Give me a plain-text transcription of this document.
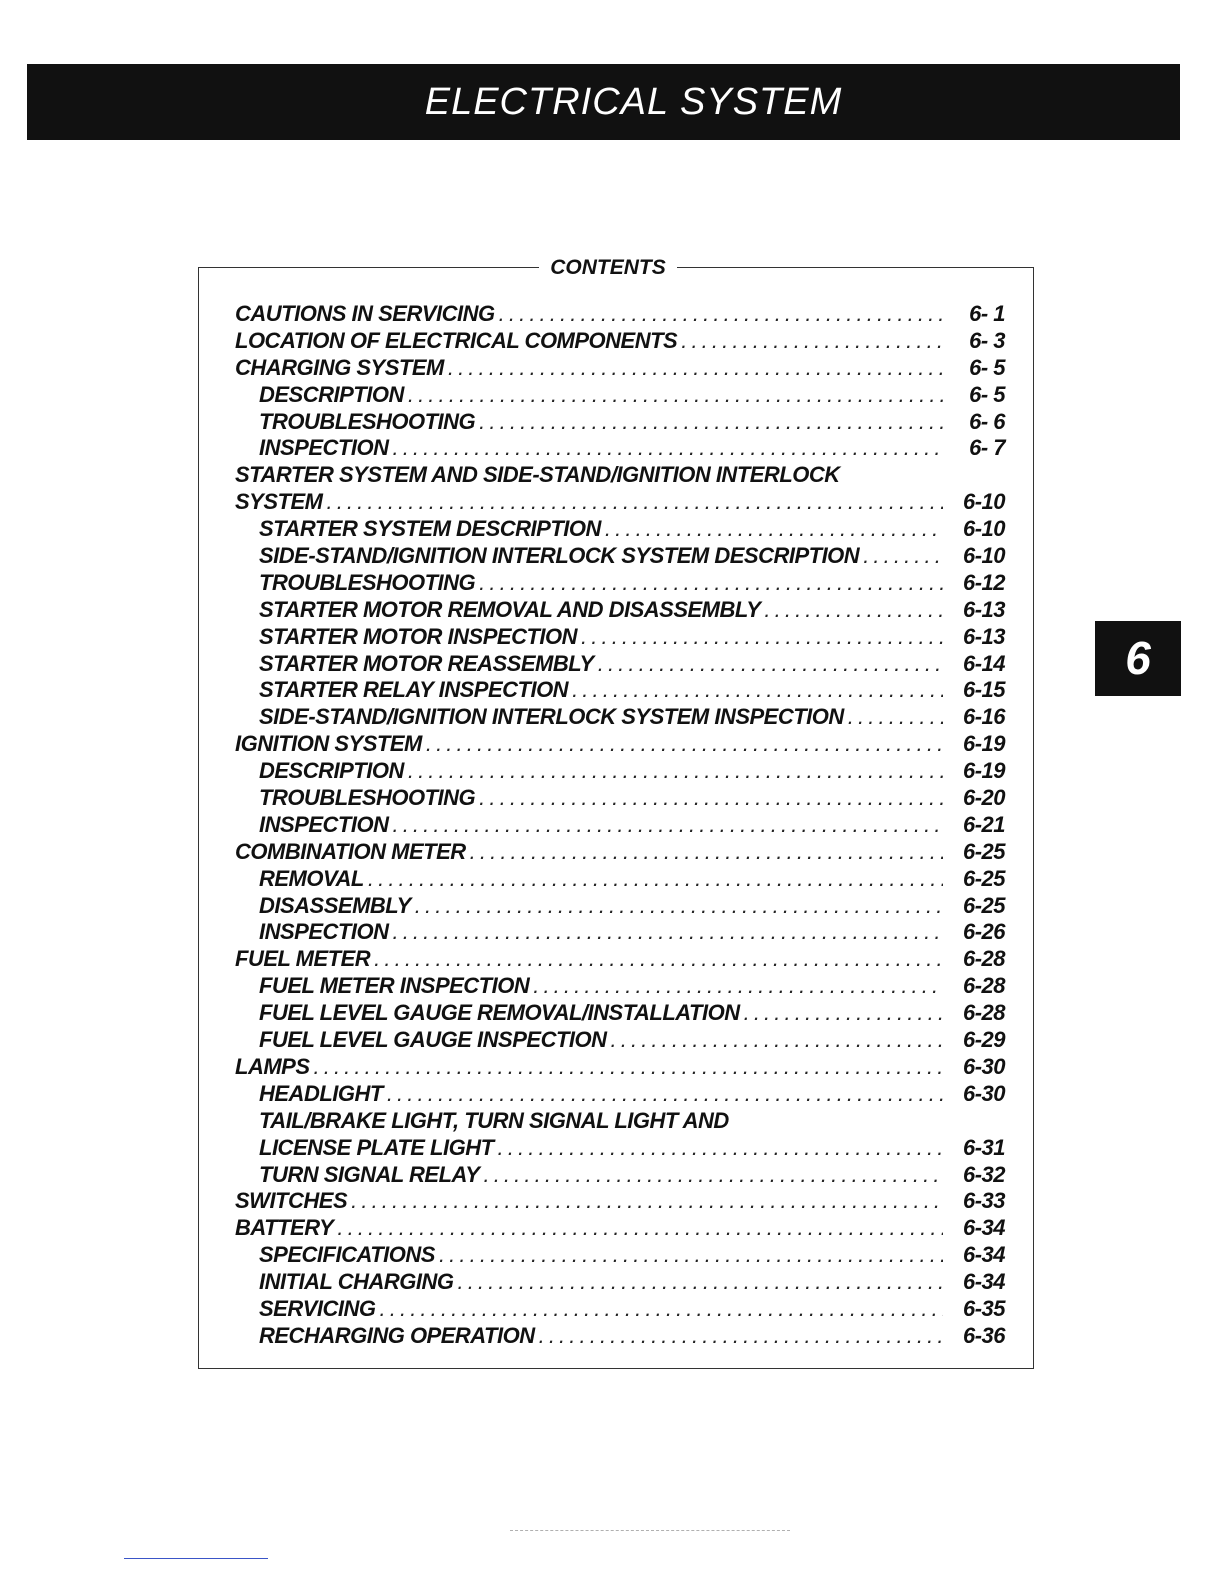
ELECTRICAL SYSTEM
CONTENTS
CAUTIONS IN SERVICING . . .	6- 1
LOCATION OF ELECTRICAL COMPONENTS . . .	6- 3
CHARGING SYSTEM . . .	6- 5
DESCRIPTION . . .	6- 5
TROUBLESHOOTING . . .	6- 6
INSPECTION . . .	6- 7
STARTER SYSTEM AND SIDE-STAND/IGNITION INTERLOCK
SYSTEM . . .	6-10
STARTER SYSTEM DESCRIPTION . . .	6-10
SIDE-STAND/IGNITION INTERLOCK SYSTEM DESCRIPTION . . .	6-10
TROUBLESHOOTING . . .	6-12
STARTER MOTOR REMOVAL AND DISASSEMBLY . . .	6-13
STARTER MOTOR INSPECTION . . .	6-13
STARTER MOTOR REASSEMBLY . . .	6-14
STARTER RELAY INSPECTION . . .	6-15
SIDE-STAND/IGNITION INTERLOCK SYSTEM INSPECTION . . .	6-16
IGNITION SYSTEM . . .	6-19
DESCRIPTION . . .	6-19
TROUBLESHOOTING . . .	6-20
INSPECTION . . .	6-21
COMBINATION METER . . .	6-25
REMOVAL . . .	6-25
DISASSEMBLY . . .	6-25
INSPECTION . . .	6-26
FUEL METER . . .	6-28
FUEL METER INSPECTION . . .	6-28
FUEL LEVEL GAUGE REMOVAL/INSTALLATION . . .	6-28
FUEL LEVEL GAUGE INSPECTION . . .	6-29
LAMPS . . .	6-30
HEADLIGHT . . .	6-30
TAIL/BRAKE LIGHT, TURN SIGNAL LIGHT AND
LICENSE PLATE LIGHT . . .	6-31
TURN SIGNAL RELAY . . .	6-32
SWITCHES . . .	6-33
BATTERY . . .	6-34
SPECIFICATIONS . . .	6-34
INITIAL CHARGING . . .	6-34
SERVICING . . .	6-35
RECHARGING OPERATION . . .	6-36
6
